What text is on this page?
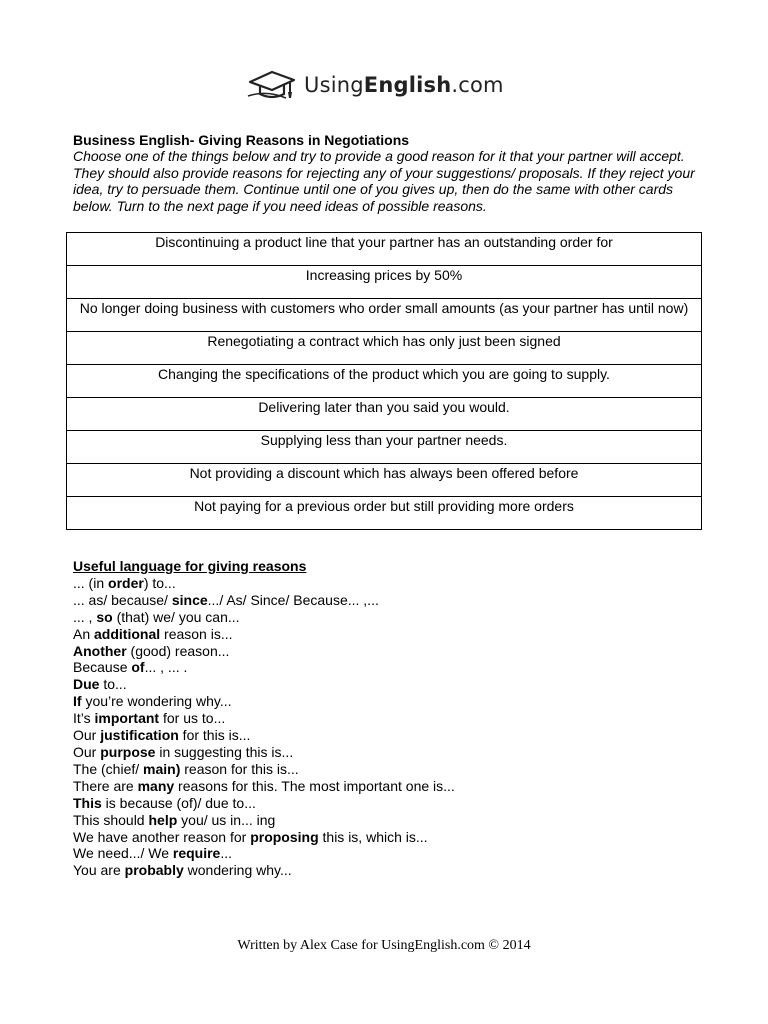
UsingEnglish.com
Business English- Giving Reasons in Negotiations
Choose one of the things below and try to provide a good reason for it that your partner will accept. They should also provide reasons for rejecting any of your suggestions/ proposals. If they reject your idea, try to persuade them. Continue until one of you gives up, then do the same with other cards below. Turn to the next page if you need ideas of possible reasons.
Discontinuing a product line that your partner has an outstanding order for
Increasing prices by 50%
No longer doing business with customers who order small amounts (as your partner has until now)
Renegotiating a contract which has only just been signed
Changing the specifications of the product which you are going to supply.
Delivering later than you said you would.
Supplying less than your partner needs.
Not providing a discount which has always been offered before
Not paying for a previous order but still providing more orders
Useful language for giving reasons
... (in order) to...
... as/ because/ since.../ As/ Since/ Because... ,...
... , so (that) we/ you can...
An additional reason is...
Another (good) reason...
Because of... , ... .
Due to...
If you’re wondering why...
It’s important for us to...
Our justification for this is...
Our purpose in suggesting this is...
The (chief/ main) reason for this is...
There are many reasons for this. The most important one is...
This is because (of)/ due to...
This should help you/ us in... ing
We have another reason for proposing this is, which is...
We need.../ We require...
You are probably wondering why...
Written by Alex Case for UsingEnglish.com © 2014
